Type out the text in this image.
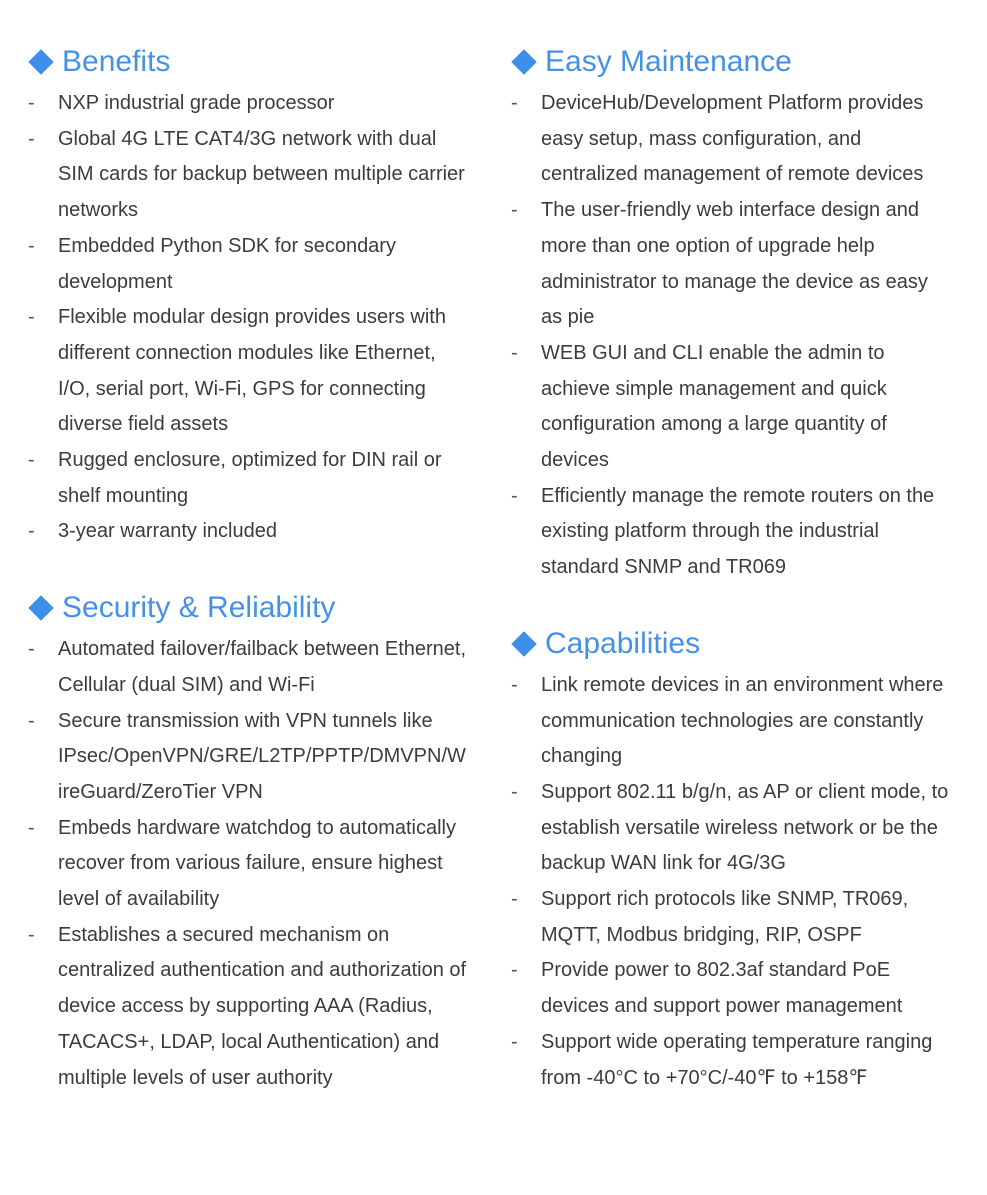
Benefits
-	NXP industrial grade processor
-	Global 4G LTE CAT4/3G network with dual SIM cards for backup between multiple carrier networks
-	Embedded Python SDK for secondary development
-	Flexible modular design provides users with different connection modules like Ethernet, I/O, serial port, Wi-Fi, GPS for connecting diverse field assets
-	Rugged enclosure, optimized for DIN rail or shelf mounting
-	3-year warranty included
Security & Reliability
-	Automated failover/failback between Ethernet, Cellular (dual SIM) and Wi-Fi
-	Secure transmission with VPN tunnels like IPsec/OpenVPN/GRE/L2TP/PPTP/DMVPN/WireGuard/ZeroTier VPN
-	Embeds hardware watchdog to automatically recover from various failure, ensure highest level of availability
-	Establishes a secured mechanism on centralized authentication and authorization of device access by supporting AAA (Radius, TACACS+, LDAP, local Authentication) and multiple levels of user authority
Easy Maintenance
-	DeviceHub/Development Platform provides easy setup, mass configuration, and centralized management of remote devices
-	The user-friendly web interface design and more than one option of upgrade help administrator to manage the device as easy as pie
-	WEB GUI and CLI enable the admin to achieve simple management and quick configuration among a large quantity of devices
-	Efficiently manage the remote routers on the existing platform through the industrial standard SNMP and TR069
Capabilities
-	Link remote devices in an environment where communication technologies are constantly changing
-	Support 802.11 b/g/n, as AP or client mode, to establish versatile wireless network or be the backup WAN link for 4G/3G
-	Support rich protocols like SNMP, TR069, MQTT, Modbus bridging, RIP, OSPF
-	Provide power to 802.3af standard PoE devices and support power management
-	Support wide operating temperature ranging from -40°C to +70°C/-40℉ to +158℉
